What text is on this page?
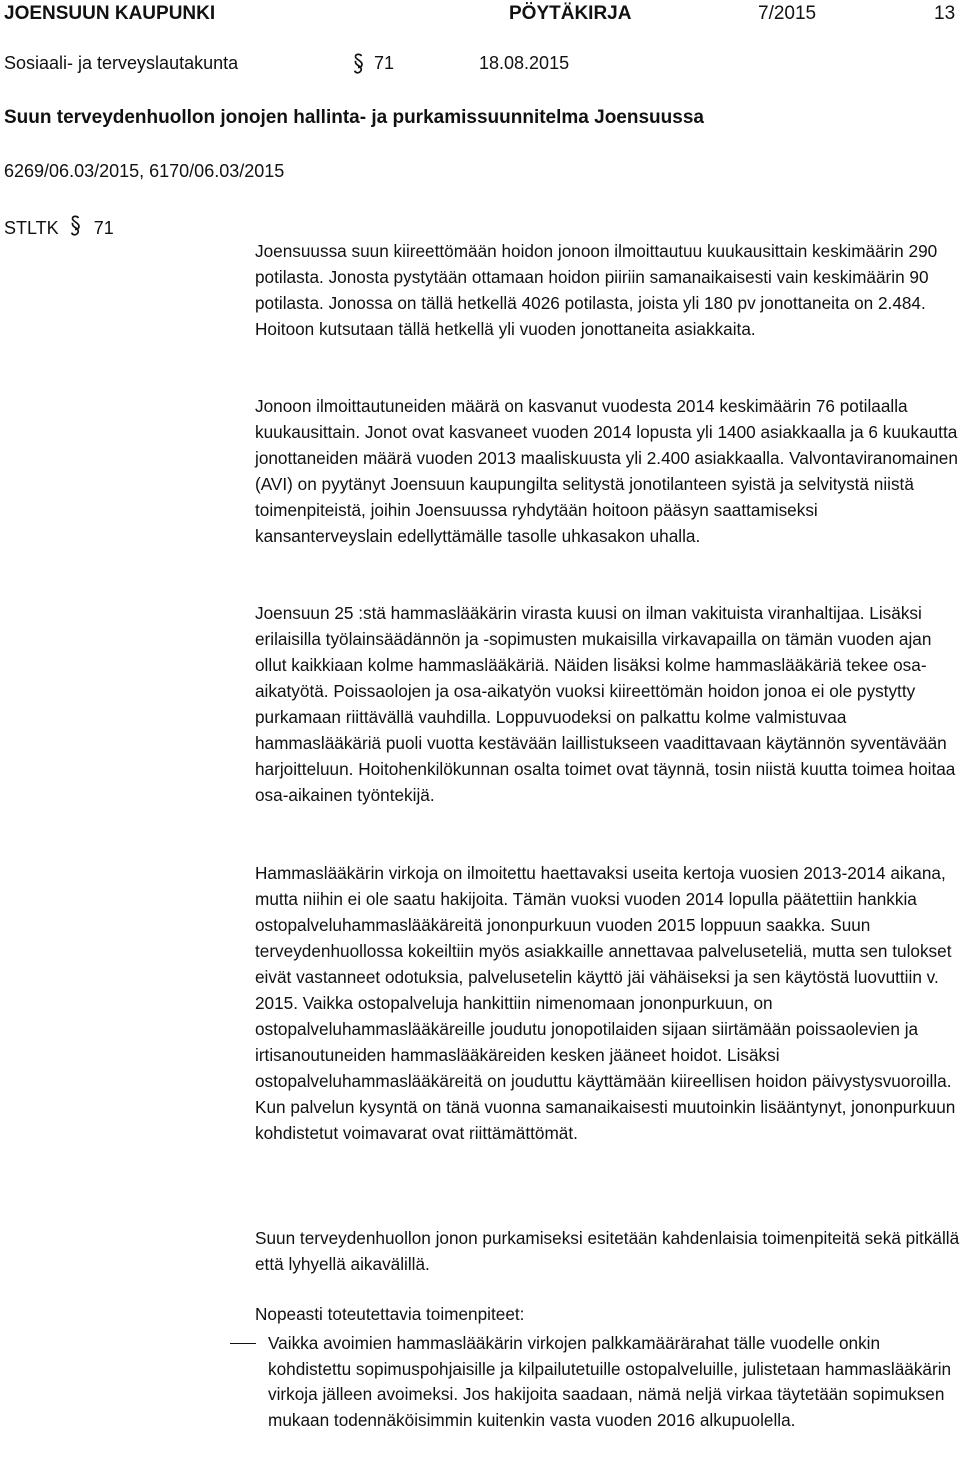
JOENSUUN KAUPUNKI	PÖYTÄKIRJA	7/2015	13
Sosiaali- ja terveyslautakunta	71	18.08.2015
Suun terveydenhuollon jonojen hallinta- ja purkamissuunnitelma Joensuussa
6269/06.03/2015, 6170/06.03/2015
STLTK 71

Joensuussa suun kiireettömään hoidon jonoon ilmoittautuu kuukausittain keskimäärin 290 potilasta. Jonosta pystytään ottamaan hoidon piiriin samanaikaisesti vain keskimäärin 90 potilasta. Jonossa on tällä hetkellä 4026 potilasta, joista yli 180 pv jonottaneita on 2.484. Hoitoon kutsutaan tällä hetkellä yli vuoden jonottaneita asiakkaita.

Jonoon ilmoittautuneiden määrä on kasvanut vuodesta 2014 keskimäärin 76 potilaalla kuukausittain. Jonot ovat kasvaneet vuoden 2014 lopusta yli 1400 asiakkaalla ja 6 kuukautta jonottaneiden määrä vuoden 2013 maaliskuusta yli 2.400 asiakkaalla. Valvontaviranomainen (AVI) on pyytänyt Joensuun kaupungilta selitystä jonotilanteen syistä ja selvitystä niistä toimenpiteistä, joihin Joensuussa ryhdytään hoitoon pääsyn saattamiseksi kansanterveyslain edellyttämälle tasolle uhkasakon uhalla.

Joensuun 25 :stä hammaslääkärin virasta kuusi on ilman vakituista viranhaltijaa. Lisäksi erilaisilla työlainsäädännön ja -sopimusten mukaisilla virkavapailla on tämän vuoden ajan ollut kaikkiaan kolme hammaslääkäriä. Näiden lisäksi kolme hammaslääkäriä tekee osa-aikatyötä. Poissaolojen ja osa-aikatyön vuoksi kiireettömän hoidon jonoa ei ole pystytty purkamaan riittävällä vauhdilla. Loppuvuodeksi on palkattu kolme valmistuvaa hammaslääkäriä puoli vuotta kestävään laillistukseen vaadittavaan käytännön syventävään harjoitteluun. Hoitohenkilökunnan osalta toimet ovat täynnä, tosin niistä kuutta toimea hoitaa osa-aikainen työntekijä.

Hammaslääkärin virkoja on ilmoitettu haettavaksi useita kertoja vuosien 2013-2014 aikana, mutta niihin ei ole saatu hakijoita. Tämän vuoksi vuoden 2014 lopulla päätettiin hankkia ostopalveluhammaslääkäreitä jononpurkuun vuoden 2015 loppuun saakka. Suun terveydenhuollossa kokeiltiin myös asiakkaille annettavaa palveluseteliä, mutta sen tulokset eivät vastanneet odotuksia, palvelusetelin käyttö jäi vähäiseksi ja sen käytöstä luovuttiin v. 2015. Vaikka ostopalveluja hankittiin nimenomaan jononpurkuun, on ostopalveluhammaslääkäreille joudutu jonopotilaiden sijaan siirtämään poissaolevien ja irtisanoutuneiden hammaslääkäreiden kesken jääneet hoidot. Lisäksi ostopalveluhammaslääkäreitä on jouduttu käyttämään kiireellisen hoidon päivystysvuoroilla. Kun palvelun kysyntä on tänä vuonna samanaikaisesti muutoinkin lisääntynyt, jononpurkuun kohdistetut voimavarat ovat riittämättömät.

Suun terveydenhuollon jonon purkamiseksi esitetään kahdenlaisia toimenpiteitä sekä pitkällä että lyhyellä aikavälillä.

Nopeasti toteutettavia toimenpiteet:

Vaikka avoimien hammaslääkärin virkojen palkkamäärärahat tälle vuodelle onkin kohdistettu sopimuspohjaisille ja kilpailutetuille ostopalveluille, julistetaan hammaslääkärin virkoja jälleen avoimeksi. Jos hakijoita saadaan, nämä neljä virkaa täytetään sopimuksen mukaan todennäköisimmin kuitenkin vasta vuoden 2016 alkupuolella.
